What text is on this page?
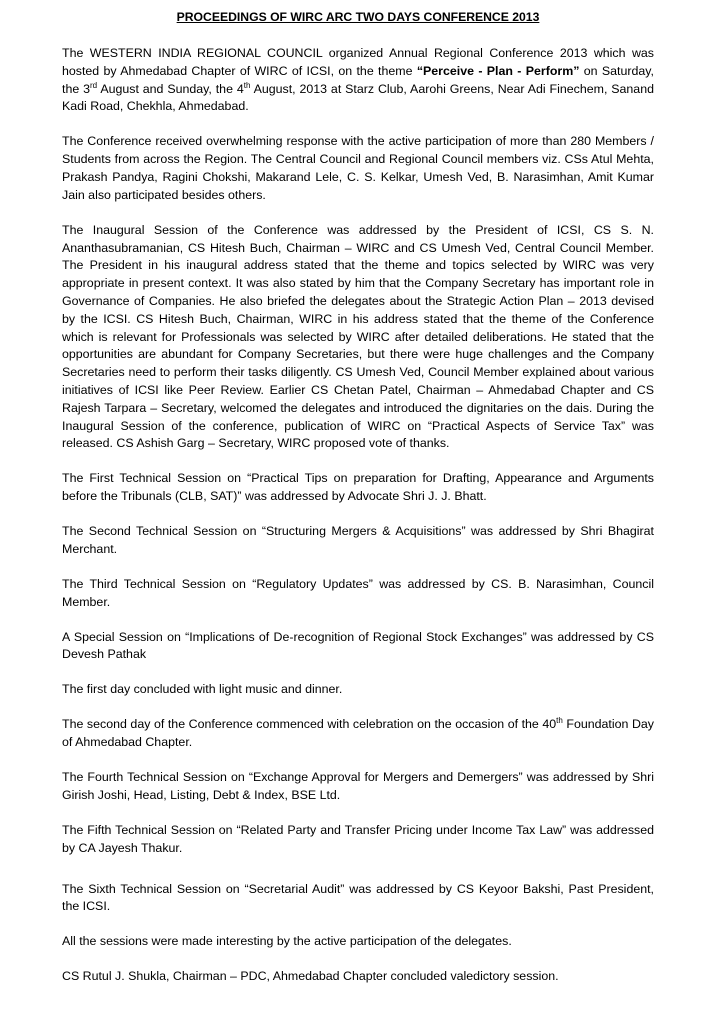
PROCEEDINGS OF WIRC ARC TWO DAYS CONFERENCE 2013

The WESTERN INDIA REGIONAL COUNCIL organized Annual Regional Conference 2013 which was hosted by Ahmedabad Chapter of WIRC of ICSI, on the theme “Perceive - Plan - Perform” on Saturday, the 3rd August and Sunday, the 4th August, 2013 at Starz Club, Aarohi Greens, Near Adi Finechem, Sanand Kadi Road, Chekhla, Ahmedabad.

The Conference received overwhelming response with the active participation of more than 280 Members / Students from across the Region. The Central Council and Regional Council members viz. CSs Atul Mehta, Prakash Pandya, Ragini Chokshi, Makarand Lele, C. S. Kelkar, Umesh Ved, B. Narasimhan, Amit Kumar Jain also participated besides others.

The Inaugural Session of the Conference was addressed by the President of ICSI, CS S. N. Ananthasubramanian, CS Hitesh Buch, Chairman – WIRC and CS Umesh Ved, Central Council Member. The President in his inaugural address stated that the theme and topics selected by WIRC was very appropriate in present context. It was also stated by him that the Company Secretary has important role in Governance of Companies. He also briefed the delegates about the Strategic Action Plan – 2013 devised by the ICSI. CS Hitesh Buch, Chairman, WIRC in his address stated that the theme of the Conference which is relevant for Professionals was selected by WIRC after detailed deliberations. He stated that the opportunities are abundant for Company Secretaries, but there were huge challenges and the Company Secretaries need to perform their tasks diligently. CS Umesh Ved, Council Member explained about various initiatives of ICSI like Peer Review. Earlier CS Chetan Patel, Chairman – Ahmedabad Chapter and CS Rajesh Tarpara – Secretary, welcomed the delegates and introduced the dignitaries on the dais. During the Inaugural Session of the conference, publication of WIRC on “Practical Aspects of Service Tax” was released. CS Ashish Garg – Secretary, WIRC proposed vote of thanks.

The First Technical Session on “Practical Tips on preparation for Drafting, Appearance and Arguments before the Tribunals (CLB, SAT)” was addressed by Advocate Shri J. J. Bhatt.

The Second Technical Session on “Structuring Mergers & Acquisitions” was addressed by Shri Bhagirat Merchant.

The Third Technical Session on “Regulatory Updates” was addressed by CS. B. Narasimhan, Council Member.

A Special Session on “Implications of De-recognition of Regional Stock Exchanges” was addressed by CS Devesh Pathak

The first day concluded with light music and dinner.

The second day of the Conference commenced with celebration on the occasion of the 40th Foundation Day of Ahmedabad Chapter.

The Fourth Technical Session on “Exchange Approval for Mergers and Demergers” was addressed by Shri Girish Joshi, Head, Listing, Debt & Index, BSE Ltd.

The Fifth Technical Session on “Related Party and Transfer Pricing under Income Tax Law” was addressed by CA Jayesh Thakur.

The Sixth Technical Session on “Secretarial Audit” was addressed by CS Keyoor Bakshi, Past President, the ICSI.

All the sessions were made interesting by the active participation of the delegates.

CS Rutul J. Shukla, Chairman – PDC, Ahmedabad Chapter concluded valedictory session.
